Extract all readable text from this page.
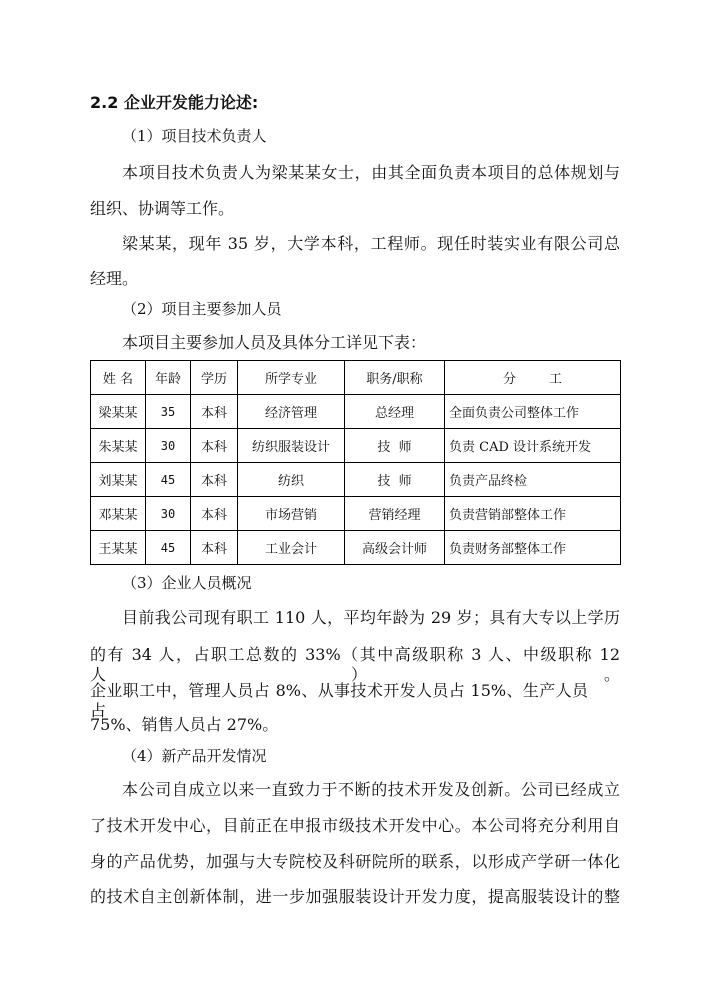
2.2 企业开发能力论述:
（1）项目技术负责人
本项目技术负责人为梁某某女士，由其全面负责本项目的总体规划与
组织、协调等工作。
梁某某，现年 35 岁，大学本科，工程师。现任时装实业有限公司总
经理。
（2）项目主要参加人员
本项目主要参加人员及具体分工详见下表：
姓 名	年龄	学历	所学专业	职务/职称	分        工
梁某某	35	本科	经济管理	总经理	全面负责公司整体工作
朱某某	30	本科	纺织服装设计	技  师	负责 CAD 设计系统开发
刘某某	45	本科	纺织	技  师	负责产品终检
邓某某	30	本科	市场营销	营销经理	负责营销部整体工作
王某某	45	本科	工业会计	高级会计师	负责财务部整体工作
（3）企业人员概况
目前我公司现有职工 110 人，平均年龄为 29 岁；具有大专以上学历
的有 34 人，占职工总数的 33%（其中高级职称 3 人、中级职称 12 人）。
企业职工中，管理人员占 8%、从事技术开发人员占 15%、生产人员占
75%、销售人员占 27%。
（4）新产品开发情况
本公司自成立以来一直致力于不断的技术开发及创新。公司已经成立
了技术开发中心，目前正在申报市级技术开发中心。本公司将充分利用自
身的产品优势，加强与大专院校及科研院所的联系，以形成产学研一体化
的技术自主创新体制，进一步加强服装设计开发力度，提高服装设计的整
